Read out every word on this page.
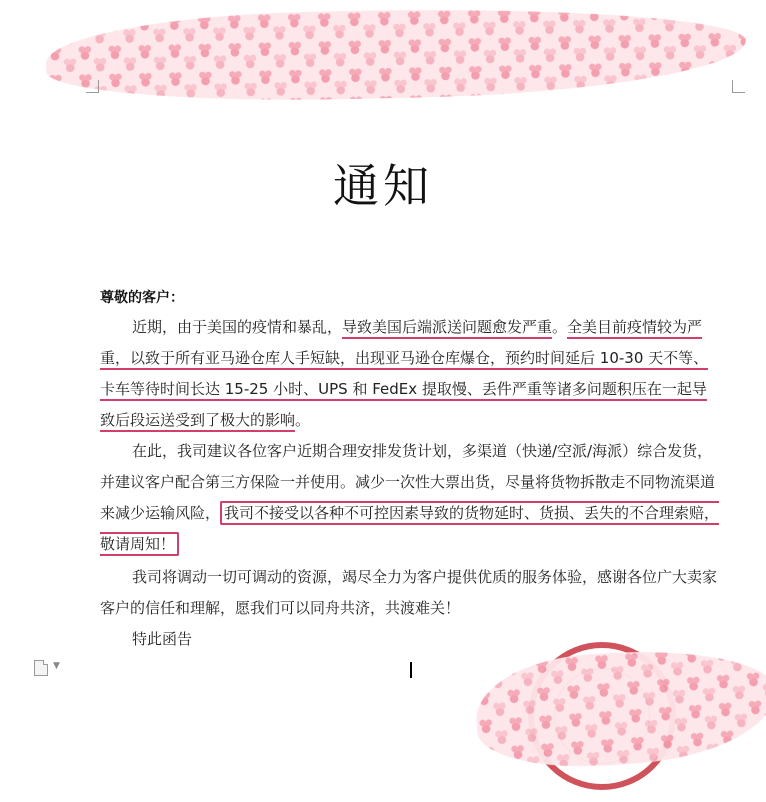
通知
尊敬的客户：

近期，由于美国的疫情和暴乱，导致美国后端派送问题愈发严重。全美目前疫情较为严重，以致于所有亚马逊仓库人手短缺，出现亚马逊仓库爆仓，预约时间延后 10-30 天不等、卡车等待时间长达 15-25 小时、UPS 和 FedEx 提取慢、丢件严重等诸多问题积压在一起导致后段运送受到了极大的影响。

在此，我司建议各位客户近期合理安排发货计划，多渠道（快递/空派/海派）综合发货，并建议客户配合第三方保险一并使用。减少一次性大票出货，尽量将货物拆散走不同物流渠道来减少运输风险， 我司不接受以各种不可控因素导致的货物延时、货损、丢失的不合理索赔，敬请周知！

我司将调动一切可调动的资源，竭尽全力为客户提供优质的服务体验，感谢各位广大卖家客户的信任和理解，愿我们可以同舟共济，共渡难关！

特此函告

▼
